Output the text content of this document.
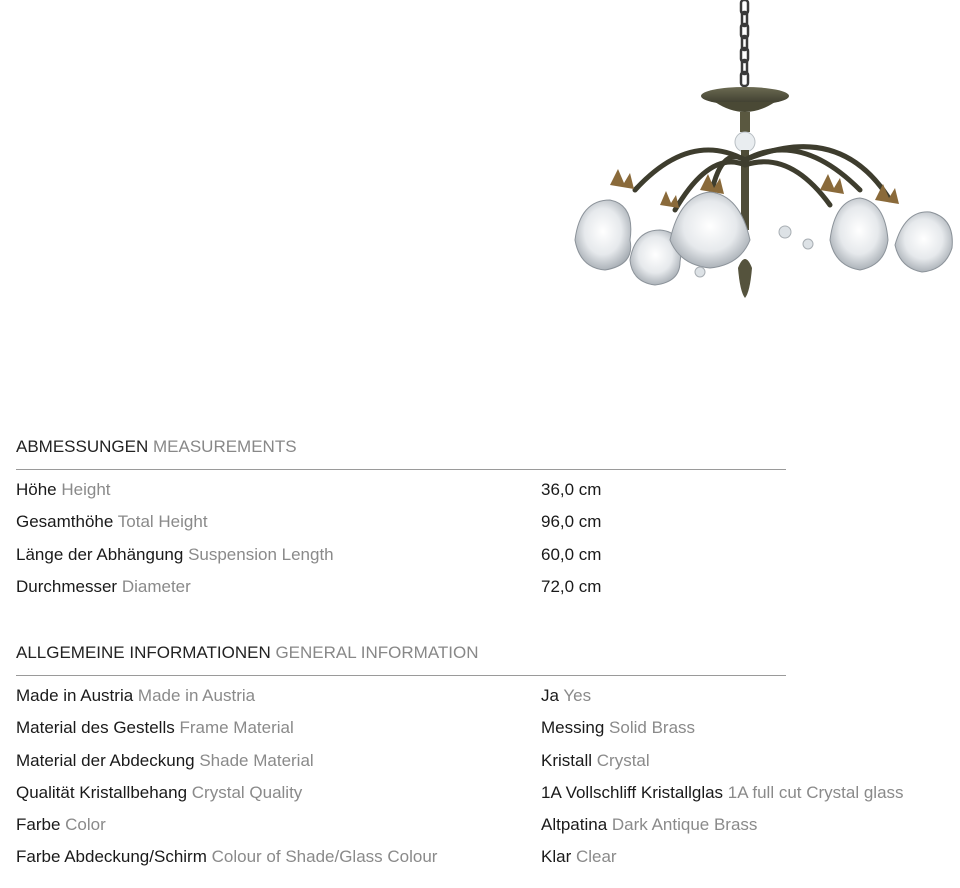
ABMESSUNGEN MEASUREMENTS
Höhe Height	36,0 cm
Gesamthöhe Total Height	96,0 cm
Länge der Abhängung Suspension Length	60,0 cm
Durchmesser Diameter	72,0 cm
ALLGEMEINE INFORMATIONEN GENERAL INFORMATION
Made in Austria Made in Austria	Ja Yes
Material des Gestells Frame Material	Messing Solid Brass
Material der Abdeckung Shade Material	Kristall Crystal
Qualität Kristallbehang Crystal Quality	1A Vollschliff Kristallglas 1A full cut Crystal glass
Farbe Color	Altpatina Dark Antique Brass
Farbe Abdeckung/Schirm Colour of Shade/Glass Colour	Klar Clear
